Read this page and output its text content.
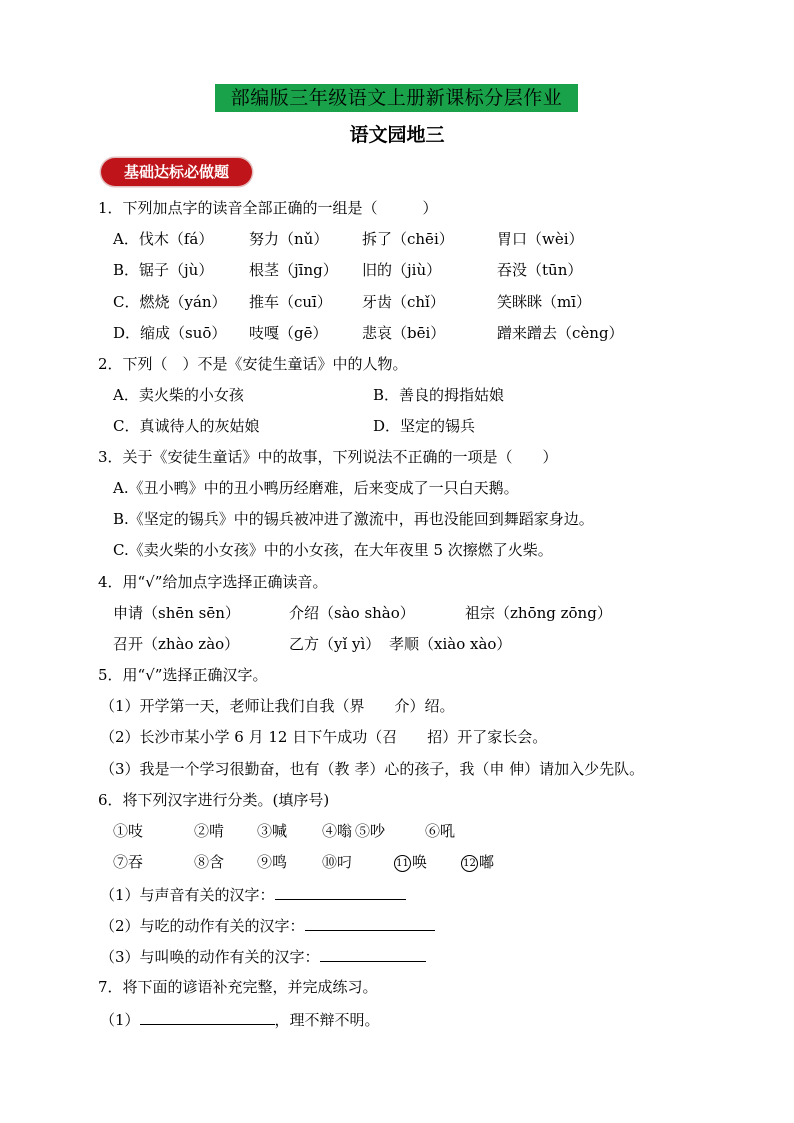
部编版三年级语文上册新课标分层作业
语文园地三
基础达标必做题
1．下列加点字的读音全部正确的一组是（　　　）
A．伐木（fá） 努力（nǔ） 拆了（chēi）	胃口（wèi）
B．锯子（jù） 根茎（jīng） 旧的（jiù）	吞没（tūn）
C．燃烧（yán） 推车（cuī） 牙齿（chǐ）	笑眯眯（mī）
D．缩成（suō） 吱嘎（gē） 悲哀（bēi）	蹭来蹭去（cèng）
2．下列（　）不是《安徒生童话》中的人物。
A．卖火柴的小女孩	B．善良的拇指姑娘
C．真诚待人的灰姑娘	D．坚定的锡兵
3．关于《安徒生童话》中的故事，下列说法不正确的一项是（　　）
A.《丑小鸭》中的丑小鸭历经磨难，后来变成了一只白天鹅。
B.《坚定的锡兵》中的锡兵被冲进了激流中，再也没能回到舞蹈家身边。
C.《卖火柴的小女孩》中的小女孩，在大年夜里 5 次擦燃了火柴。
4．用“√”给加点字选择正确读音。
申请（shēn sēn）	介绍（sào shào）	祖宗（zhōng zōng）
召开（zhào zào）	乙方（yǐ yì） 孝顺（xiào xào）
5．用“√”选择正确汉字。
（1）开学第一天，老师让我们自我（界　　介）绍。
（2）长沙市某小学 6 月 12 日下午成功（召　　招）开了家长会。
（3）我是一个学习很勤奋，也有（教 孝）心的孩子，我（申 伸）请加入少先队。
6．将下列汉字进行分类。(填序号)
①吱	②啃 ③喊 ④嗡 ⑤吵	⑥吼
⑦吞	⑧含 ⑨鸣 ⑩叼	11 唤	12 嘟
（1）与声音有关的汉字：
（2）与吃的动作有关的汉字：
（3）与叫唤的动作有关的汉字：
7．将下面的谚语补充完整，并完成练习。
（1）	，理不辩不明。
